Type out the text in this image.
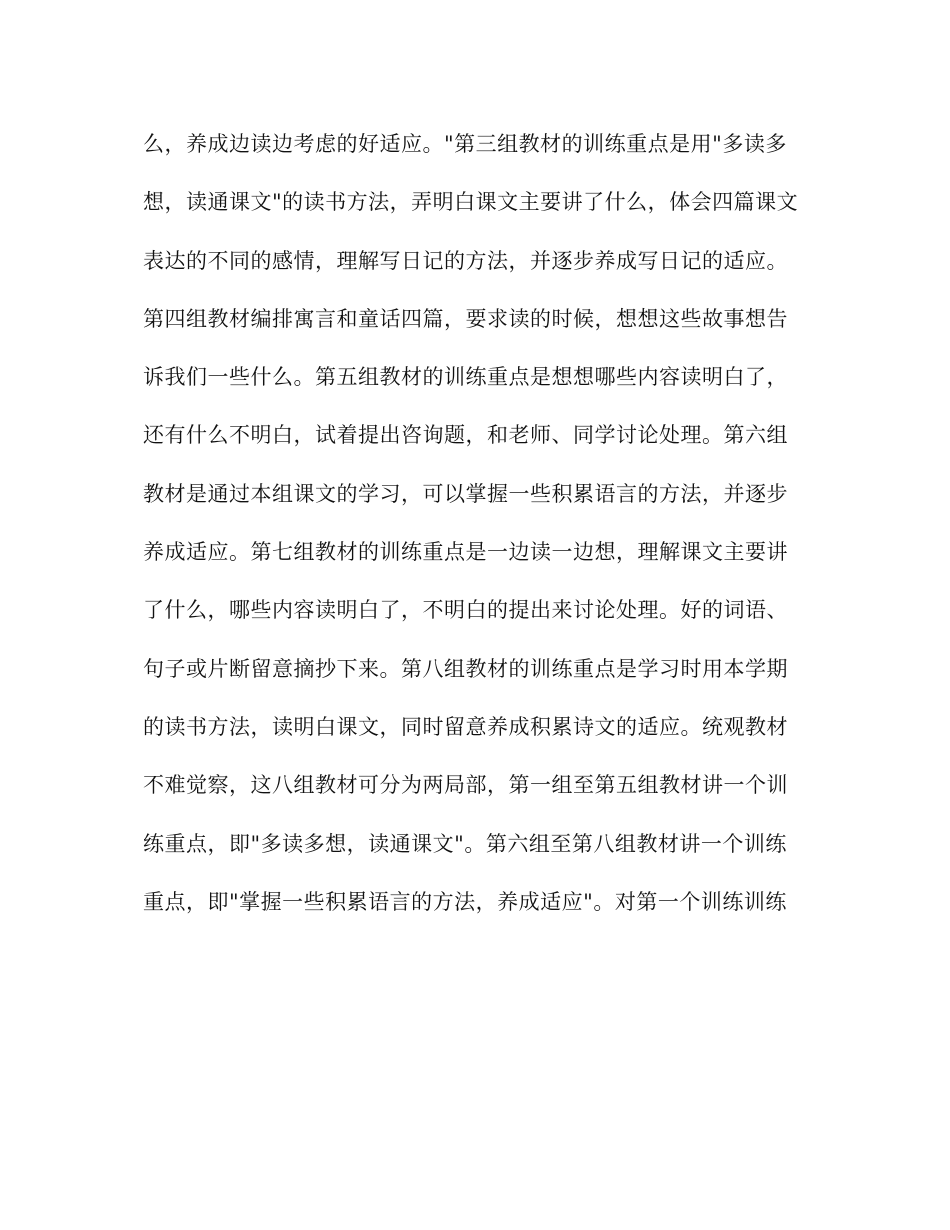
么，养成边读边考虑的好适应。"第三组教材的训练重点是用"多读多
想，读通课文"的读书方法，弄明白课文主要讲了什么，体会四篇课文
表达的不同的感情，理解写日记的方法，并逐步养成写日记的适应。
第四组教材编排寓言和童话四篇，要求读的时候，想想这些故事想告
诉我们一些什么。第五组教材的训练重点是想想哪些内容读明白了，
还有什么不明白，试着提出咨询题，和老师、同学讨论处理。第六组
教材是通过本组课文的学习，可以掌握一些积累语言的方法，并逐步
养成适应。第七组教材的训练重点是一边读一边想，理解课文主要讲
了什么，哪些内容读明白了，不明白的提出来讨论处理。好的词语、
句子或片断留意摘抄下来。第八组教材的训练重点是学习时用本学期
的读书方法，读明白课文，同时留意养成积累诗文的适应。统观教材
不难觉察，这八组教材可分为两局部，第一组至第五组教材讲一个训
练重点，即"多读多想，读通课文"。第六组至第八组教材讲一个训练
重点，即"掌握一些积累语言的方法，养成适应"。对第一个训练训练
